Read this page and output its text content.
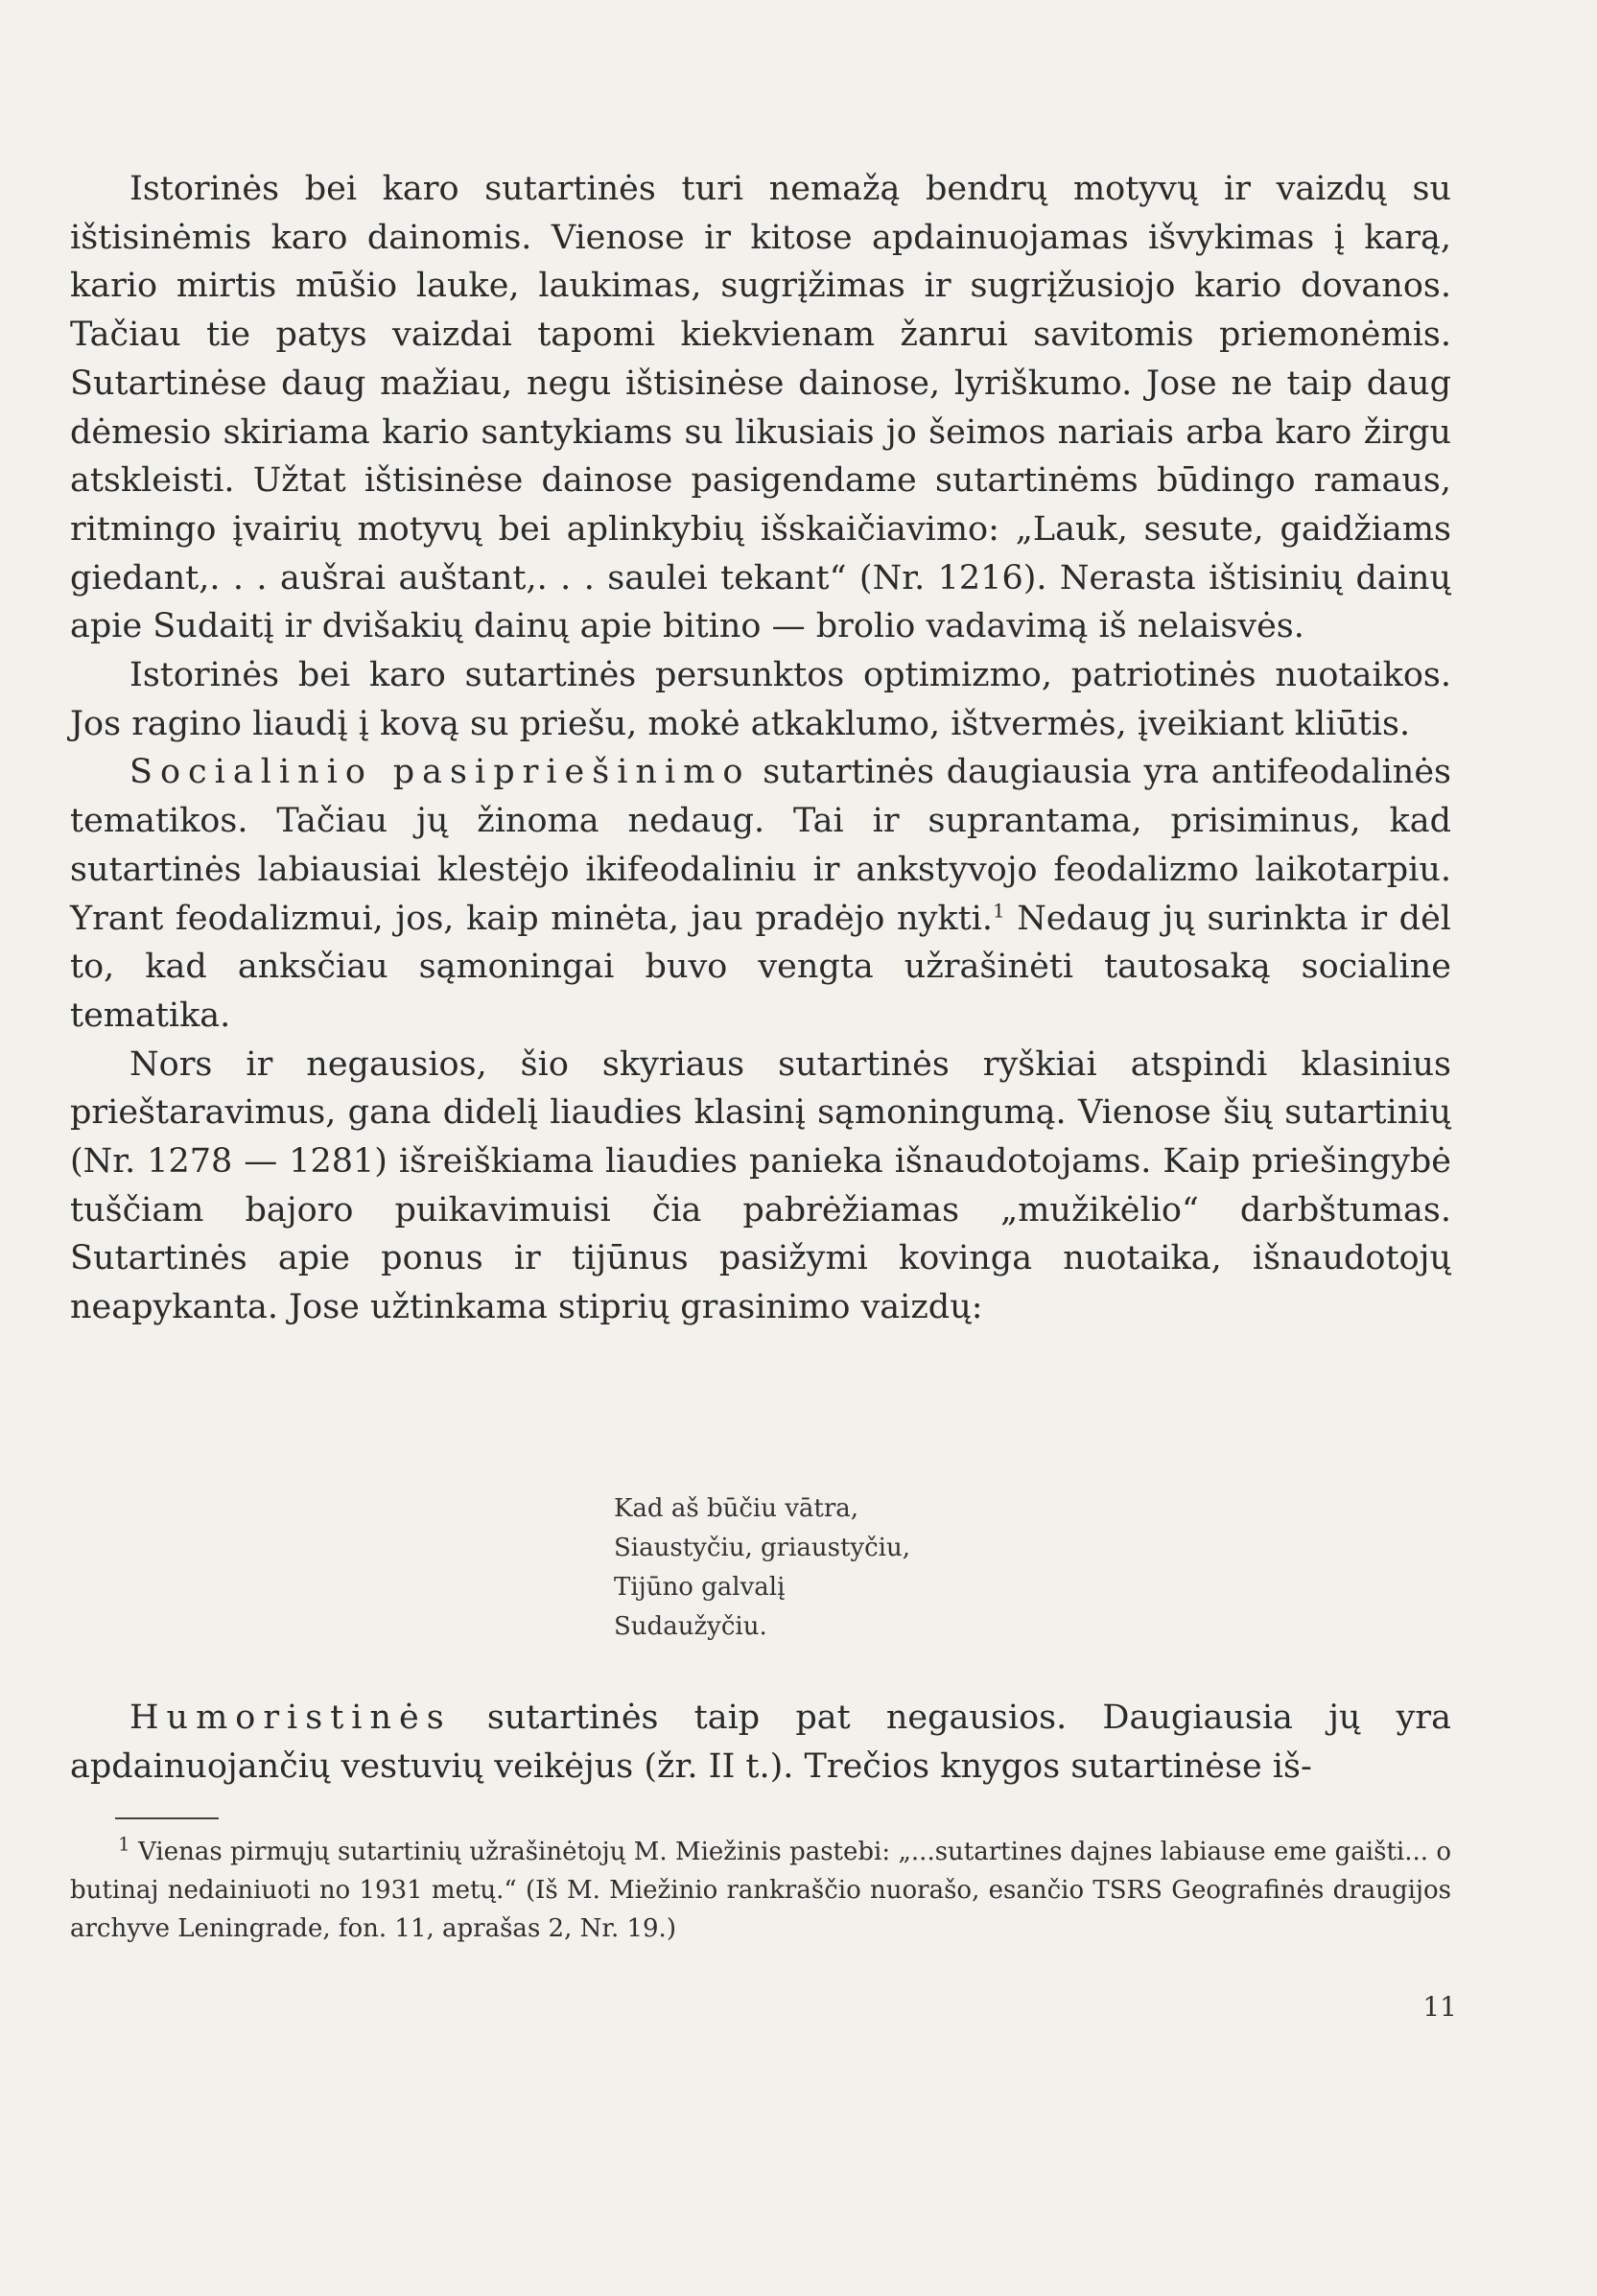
Istorinės bei karo sutartinės turi nemažą bendrų motyvų ir vaizdų su ištisinėmis karo dainomis. Vienose ir kitose apdainuojamas išvykimas į karą, kario mirtis mūšio lauke, laukimas, sugrįžimas ir sugrįžusiojo kario dovanos. Tačiau tie patys vaizdai tapomi kiekvienam žanrui savitomis priemonėmis. Sutartinėse daug mažiau, negu ištisinėse dainose, lyriškumo. Jose ne taip daug dėmesio skiriama kario santykiams su likusiais jo šeimos nariais arba karo žirgu atskleisti. Užtat ištisinėse dainose pasigendame sutartinėms būdingo ramaus, ritmingo įvairių motyvų bei aplinkybių išskaičiavimo: „Lauk, sesute, gaidžiams giedant,. . . aušrai auštant,. . . saulei tekant“ (Nr. 1216). Nerasta ištisinių dainų apie Sudaitį ir dvišakių dainų apie bitino — brolio vadavimą iš nelaisvės.

Istorinės bei karo sutartinės persunktos optimizmo, patriotinės nuotaikos. Jos ragino liaudį į kovą su priešu, mokė atkaklumo, ištvermės, įveikiant kliūtis.

Socialinio pasipriešinimo sutartinės daugiausia yra antifeodalinės tematikos. Tačiau jų žinoma nedaug. Tai ir suprantama, prisiminus, kad sutartinės labiausiai klestėjo ikifeodaliniu ir ankstyvojo feodalizmo laikotarpiu. Yrant feodalizmui, jos, kaip minėta, jau pradėjo nykti.$^1$ Nedaug jų surinkta ir dėl to, kad anksčiau sąmoningai buvo vengta užrašinėti tautosaką socialine tematika.

Nors ir negausios, šio skyriaus sutartinės ryškiai atspindi klasinius prieštaravimus, gana didelį liaudies klasinį sąmoningumą. Vienose šių sutartinių (Nr. 1278 — 1281) išreiškiama liaudies panieka išnaudotojams. Kaip priešingybė tuščiam bajoro puikavimuisi čia pabrėžiamas „mužikėlio“ darbštumas. Sutartinės apie ponus ir tijūnus pasižymi kovinga nuotaika, išnaudotojų neapykanta. Jose užtinkama stiprių grasinimo vaizdų:

Kad aš būčiu vātra,
Siaustyčiu, griaustyčiu,
Tijūno galvalį
Sudaužyčiu.

Humoristinės sutartinės taip pat negausios. Daugiausia jų yra apdainuojančių vestuvių veikėjus (žr. II t.). Trečios knygos sutartinėse iš-

$^1$ Vienas pirmųjų sutartinių užrašinėtojų M. Miežinis pastebi: „...sutartines dajnes labiause eme gaišti... o butinaj nedainiuoti no 1931 metų.“ (Iš M. Miežinio rankraščio nuorašo, esančio TSRS Geografinės draugijos archyve Leningrade, fon. 11, aprašas 2, Nr. 19.)

11
